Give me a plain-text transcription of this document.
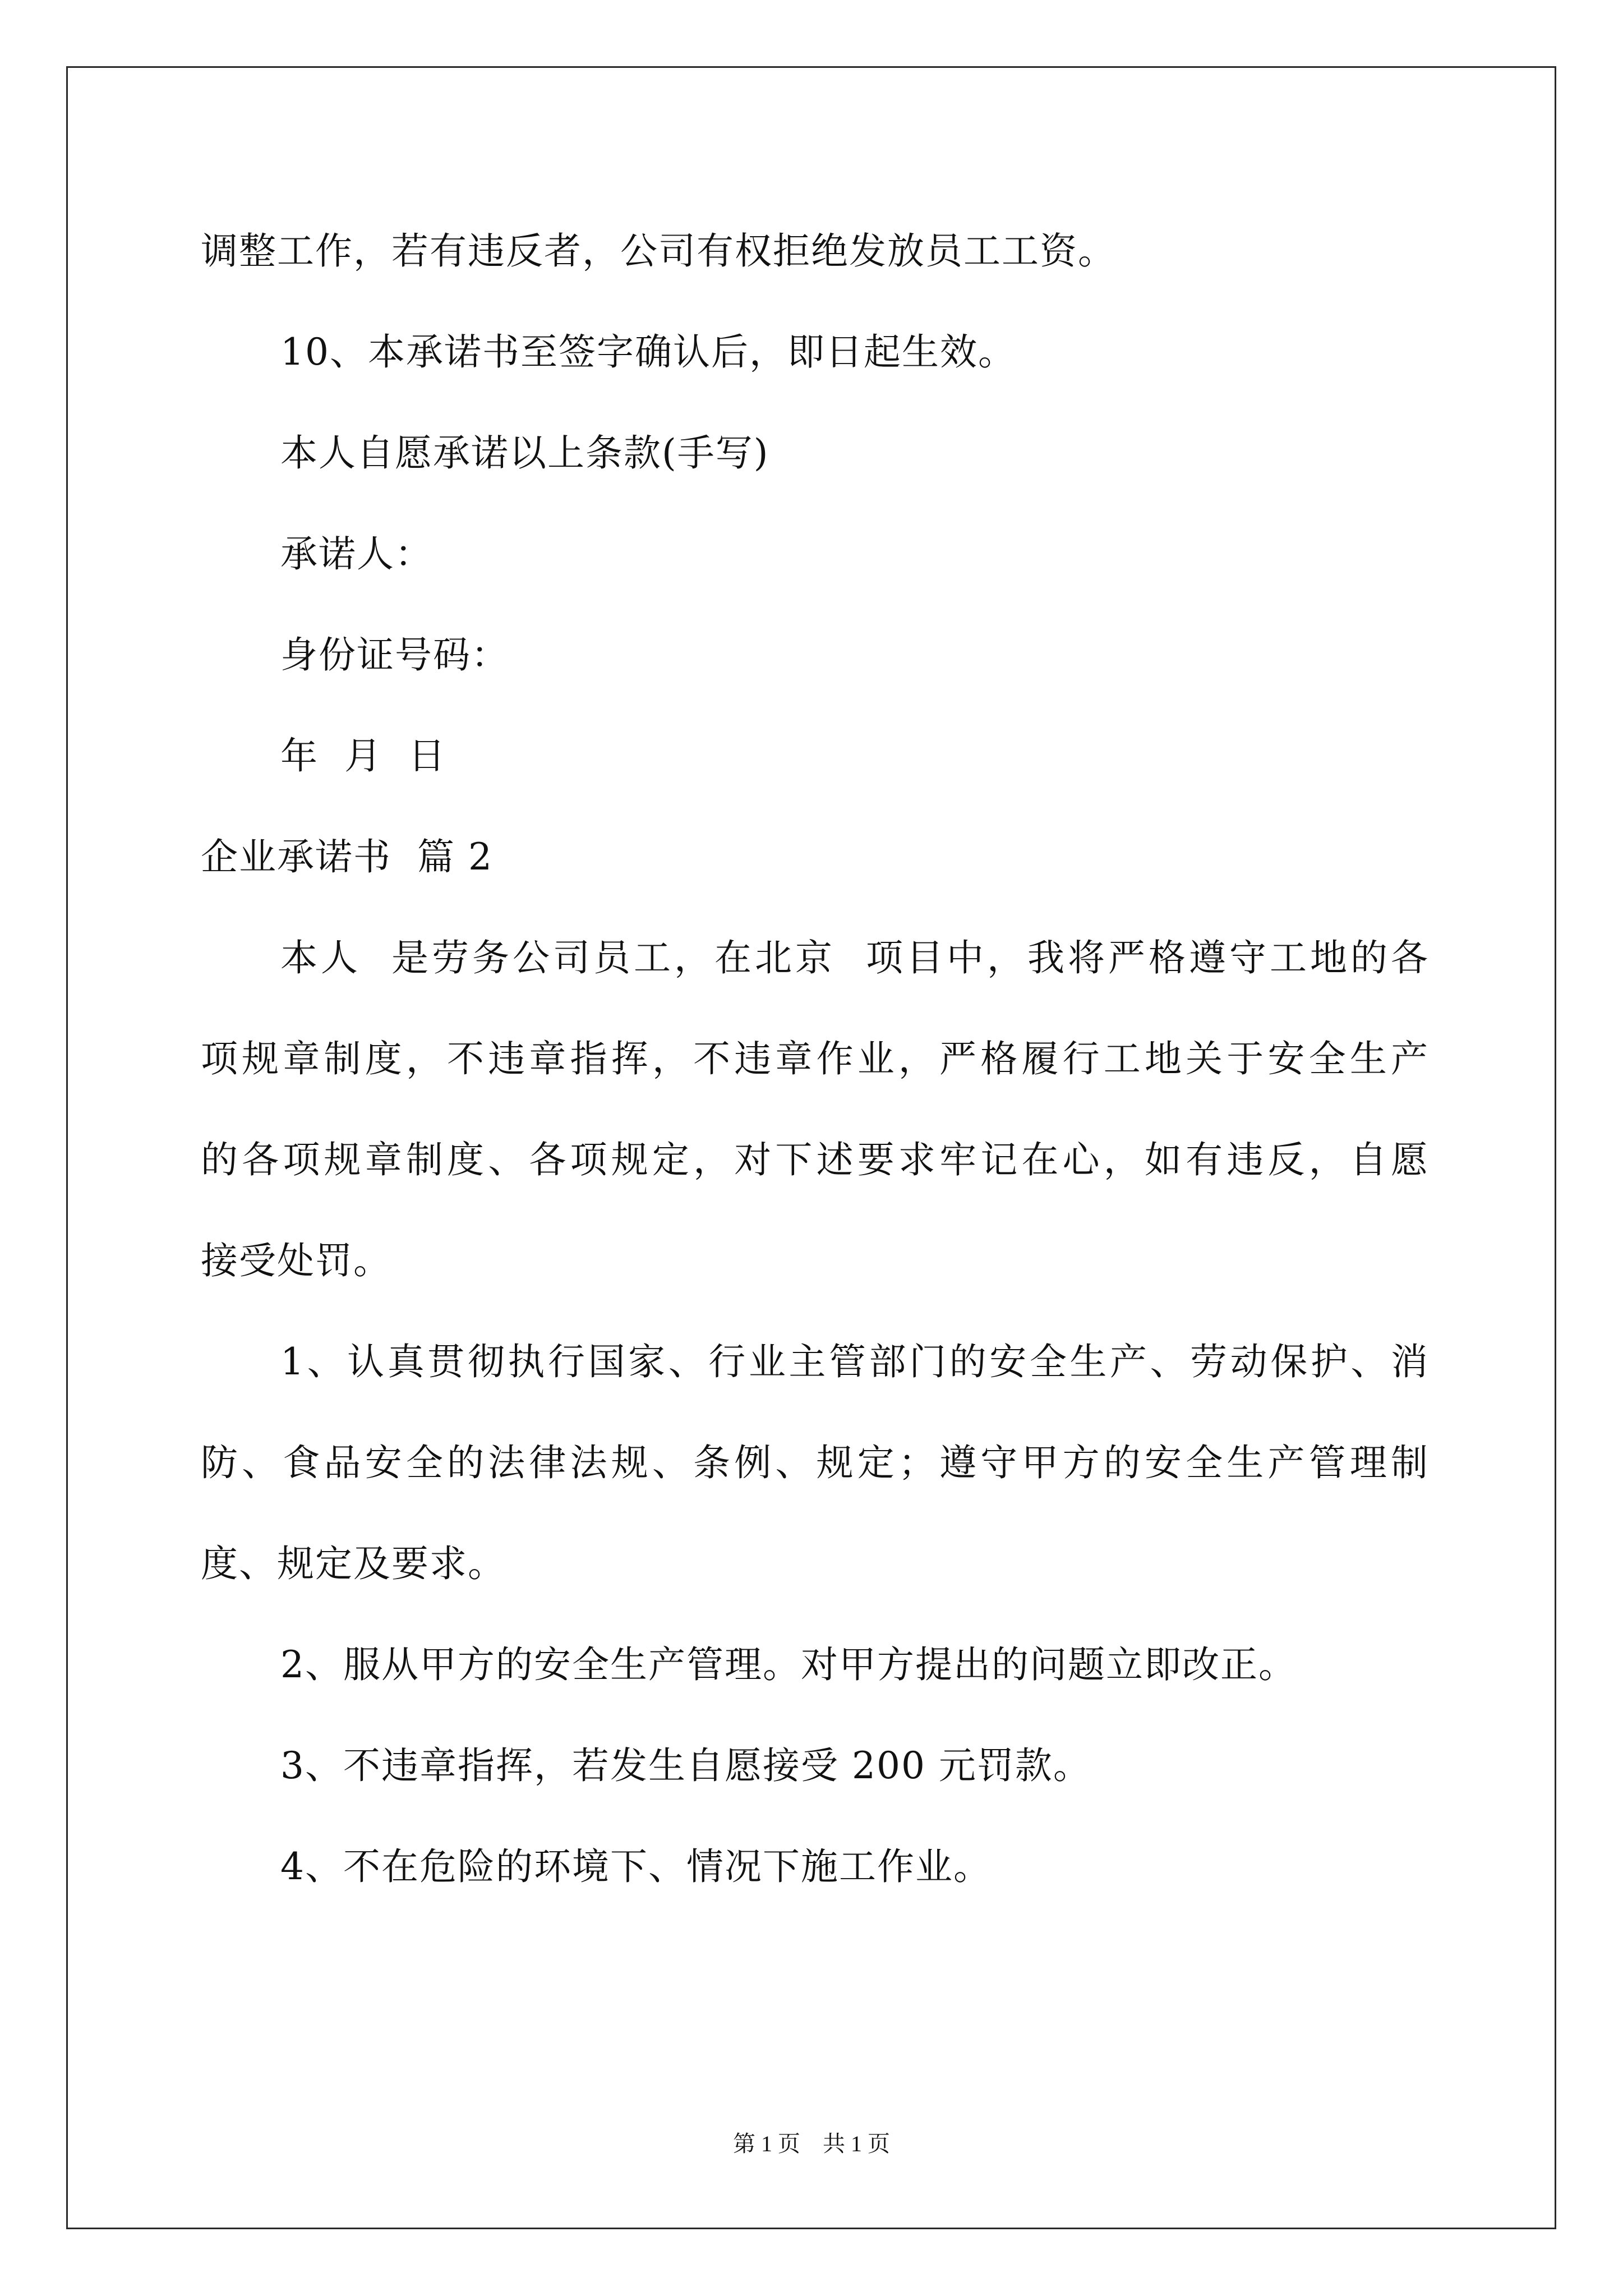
调整工作，若有违反者，公司有权拒绝发放员工工资。
10、本承诺书至签字确认后，即日起生效。
本人自愿承诺以上条款(手写)
承诺人：
身份证号码：
年  月  日
企业承诺书  篇 2
本人  是劳务公司员工，在北京  项目中，我将严格遵守工地的各
项规章制度，不违章指挥，不违章作业，严格履行工地关于安全生产
的各项规章制度、各项规定，对下述要求牢记在心，如有违反，自愿
接受处罚。
1、认真贯彻执行国家、行业主管部门的安全生产、劳动保护、消
防、食品安全的法律法规、条例、规定；遵守甲方的安全生产管理制
度、规定及要求。
2、服从甲方的安全生产管理。对甲方提出的问题立即改正。
3、不违章指挥，若发生自愿接受 200 元罚款。
4、不在危险的环境下、情况下施工作业。
第 1 页 共 1 页
